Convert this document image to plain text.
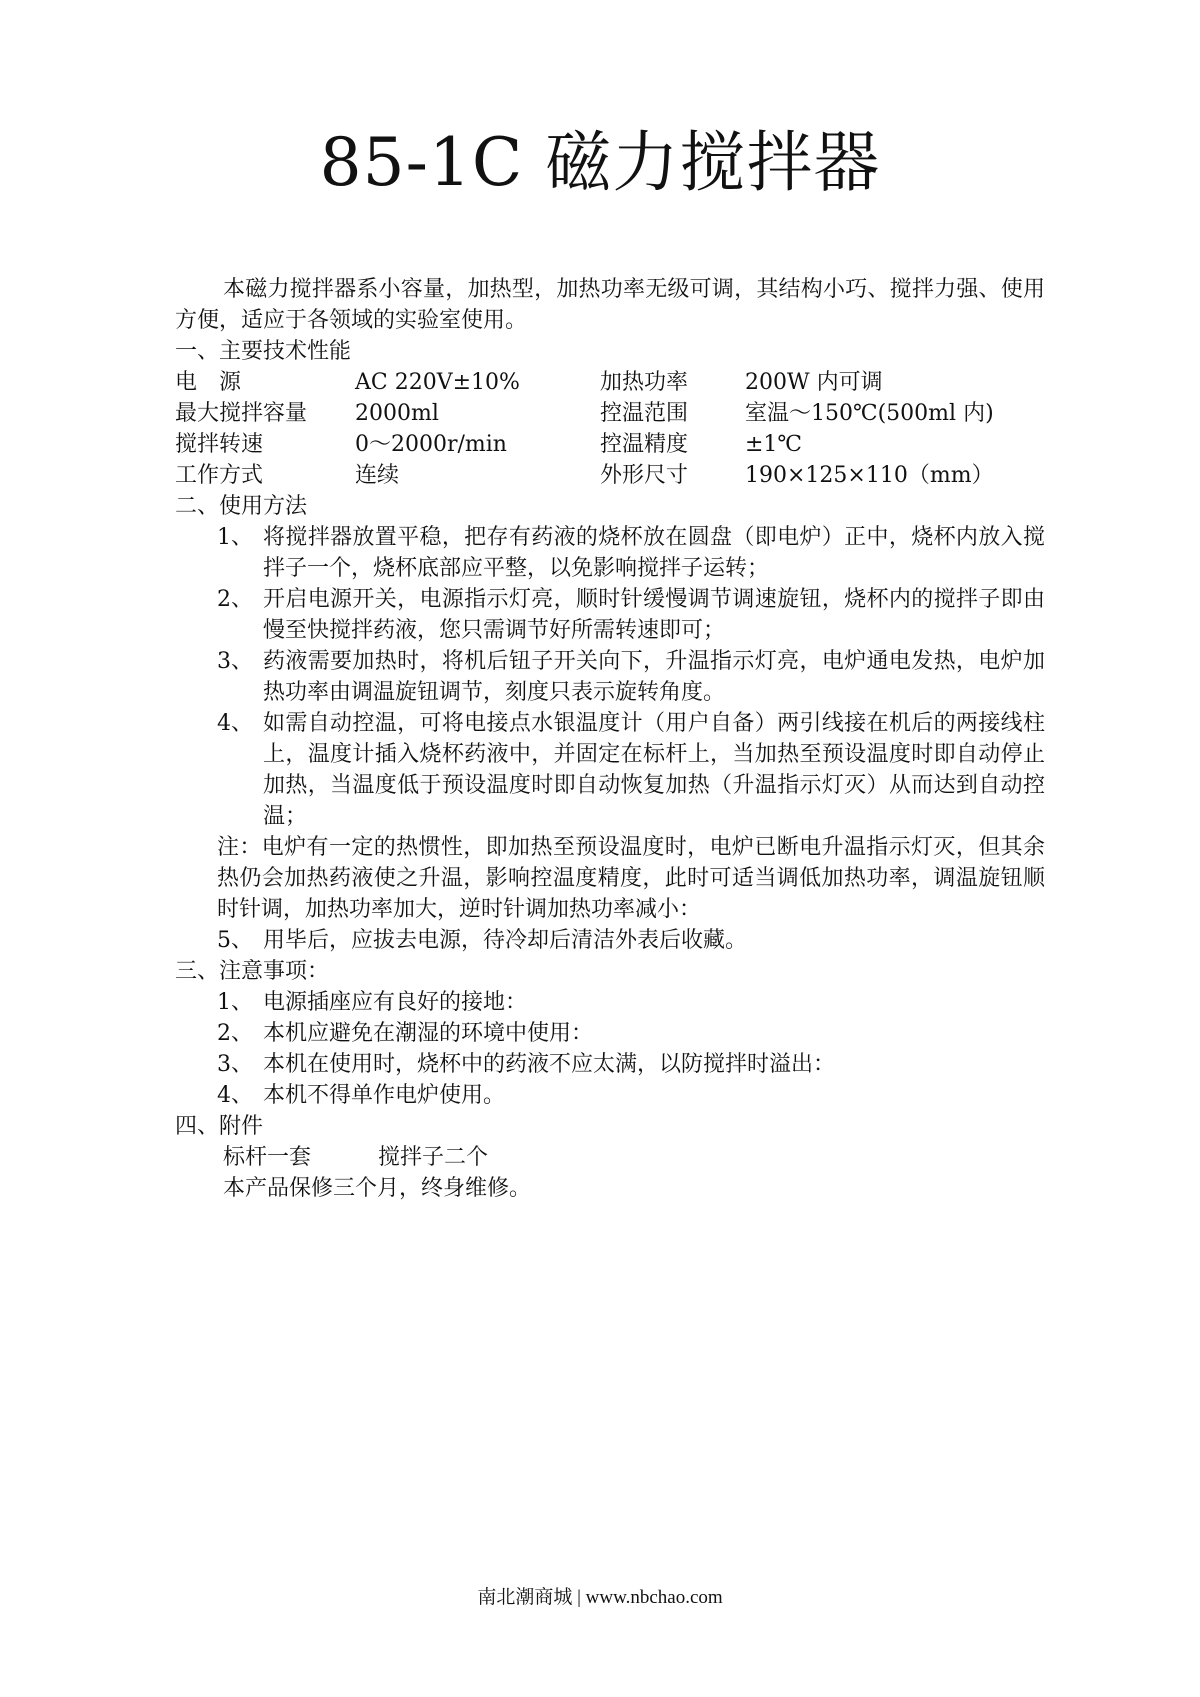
85-1C 磁力搅拌器

本磁力搅拌器系小容量，加热型，加热功率无级可调，其结构小巧、搅拌力强、使用方便，适应于各领域的实验室使用。

一、主要技术性能
电　源	AC 220V±10%	加热功率	200W 内可调
最大搅拌容量	2000ml	控温范围	室温～150℃(500ml 内)
搅拌转速	0～2000r/min	控温精度	±1℃
工作方式	连续	外形尺寸	190×125×110（mm）
二、使用方法
1、 将搅拌器放置平稳，把存有药液的烧杯放在圆盘（即电炉）正中，烧杯内放入搅拌子一个，烧杯底部应平整，以免影响搅拌子运转；
2、 开启电源开关，电源指示灯亮，顺时针缓慢调节调速旋钮，烧杯内的搅拌子即由慢至快搅拌药液，您只需调节好所需转速即可；
3、 药液需要加热时，将机后钮子开关向下，升温指示灯亮，电炉通电发热，电炉加热功率由调温旋钮调节，刻度只表示旋转角度。
4、 如需自动控温，可将电接点水银温度计（用户自备）两引线接在机后的两接线柱上，温度计插入烧杯药液中，并固定在标杆上，当加热至预设温度时即自动停止加热，当温度低于预设温度时即自动恢复加热（升温指示灯灭）从而达到自动控温；
注：电炉有一定的热惯性，即加热至预设温度时，电炉已断电升温指示灯灭，但其余热仍会加热药液使之升温，影响控温度精度，此时可适当调低加热功率，调温旋钮顺时针调，加热功率加大，逆时针调加热功率减小：
5、 用毕后，应拔去电源，待冷却后清洁外表后收藏。
三、注意事项：
1、 电源插座应有良好的接地：
2、 本机应避免在潮湿的环境中使用：
3、 本机在使用时，烧杯中的药液不应太满，以防搅拌时溢出：
4、 本机不得单作电炉使用。
四、附件
标杆一套	搅拌子二个
本产品保修三个月，终身维修。
南北潮商城 | www.nbchao.com
